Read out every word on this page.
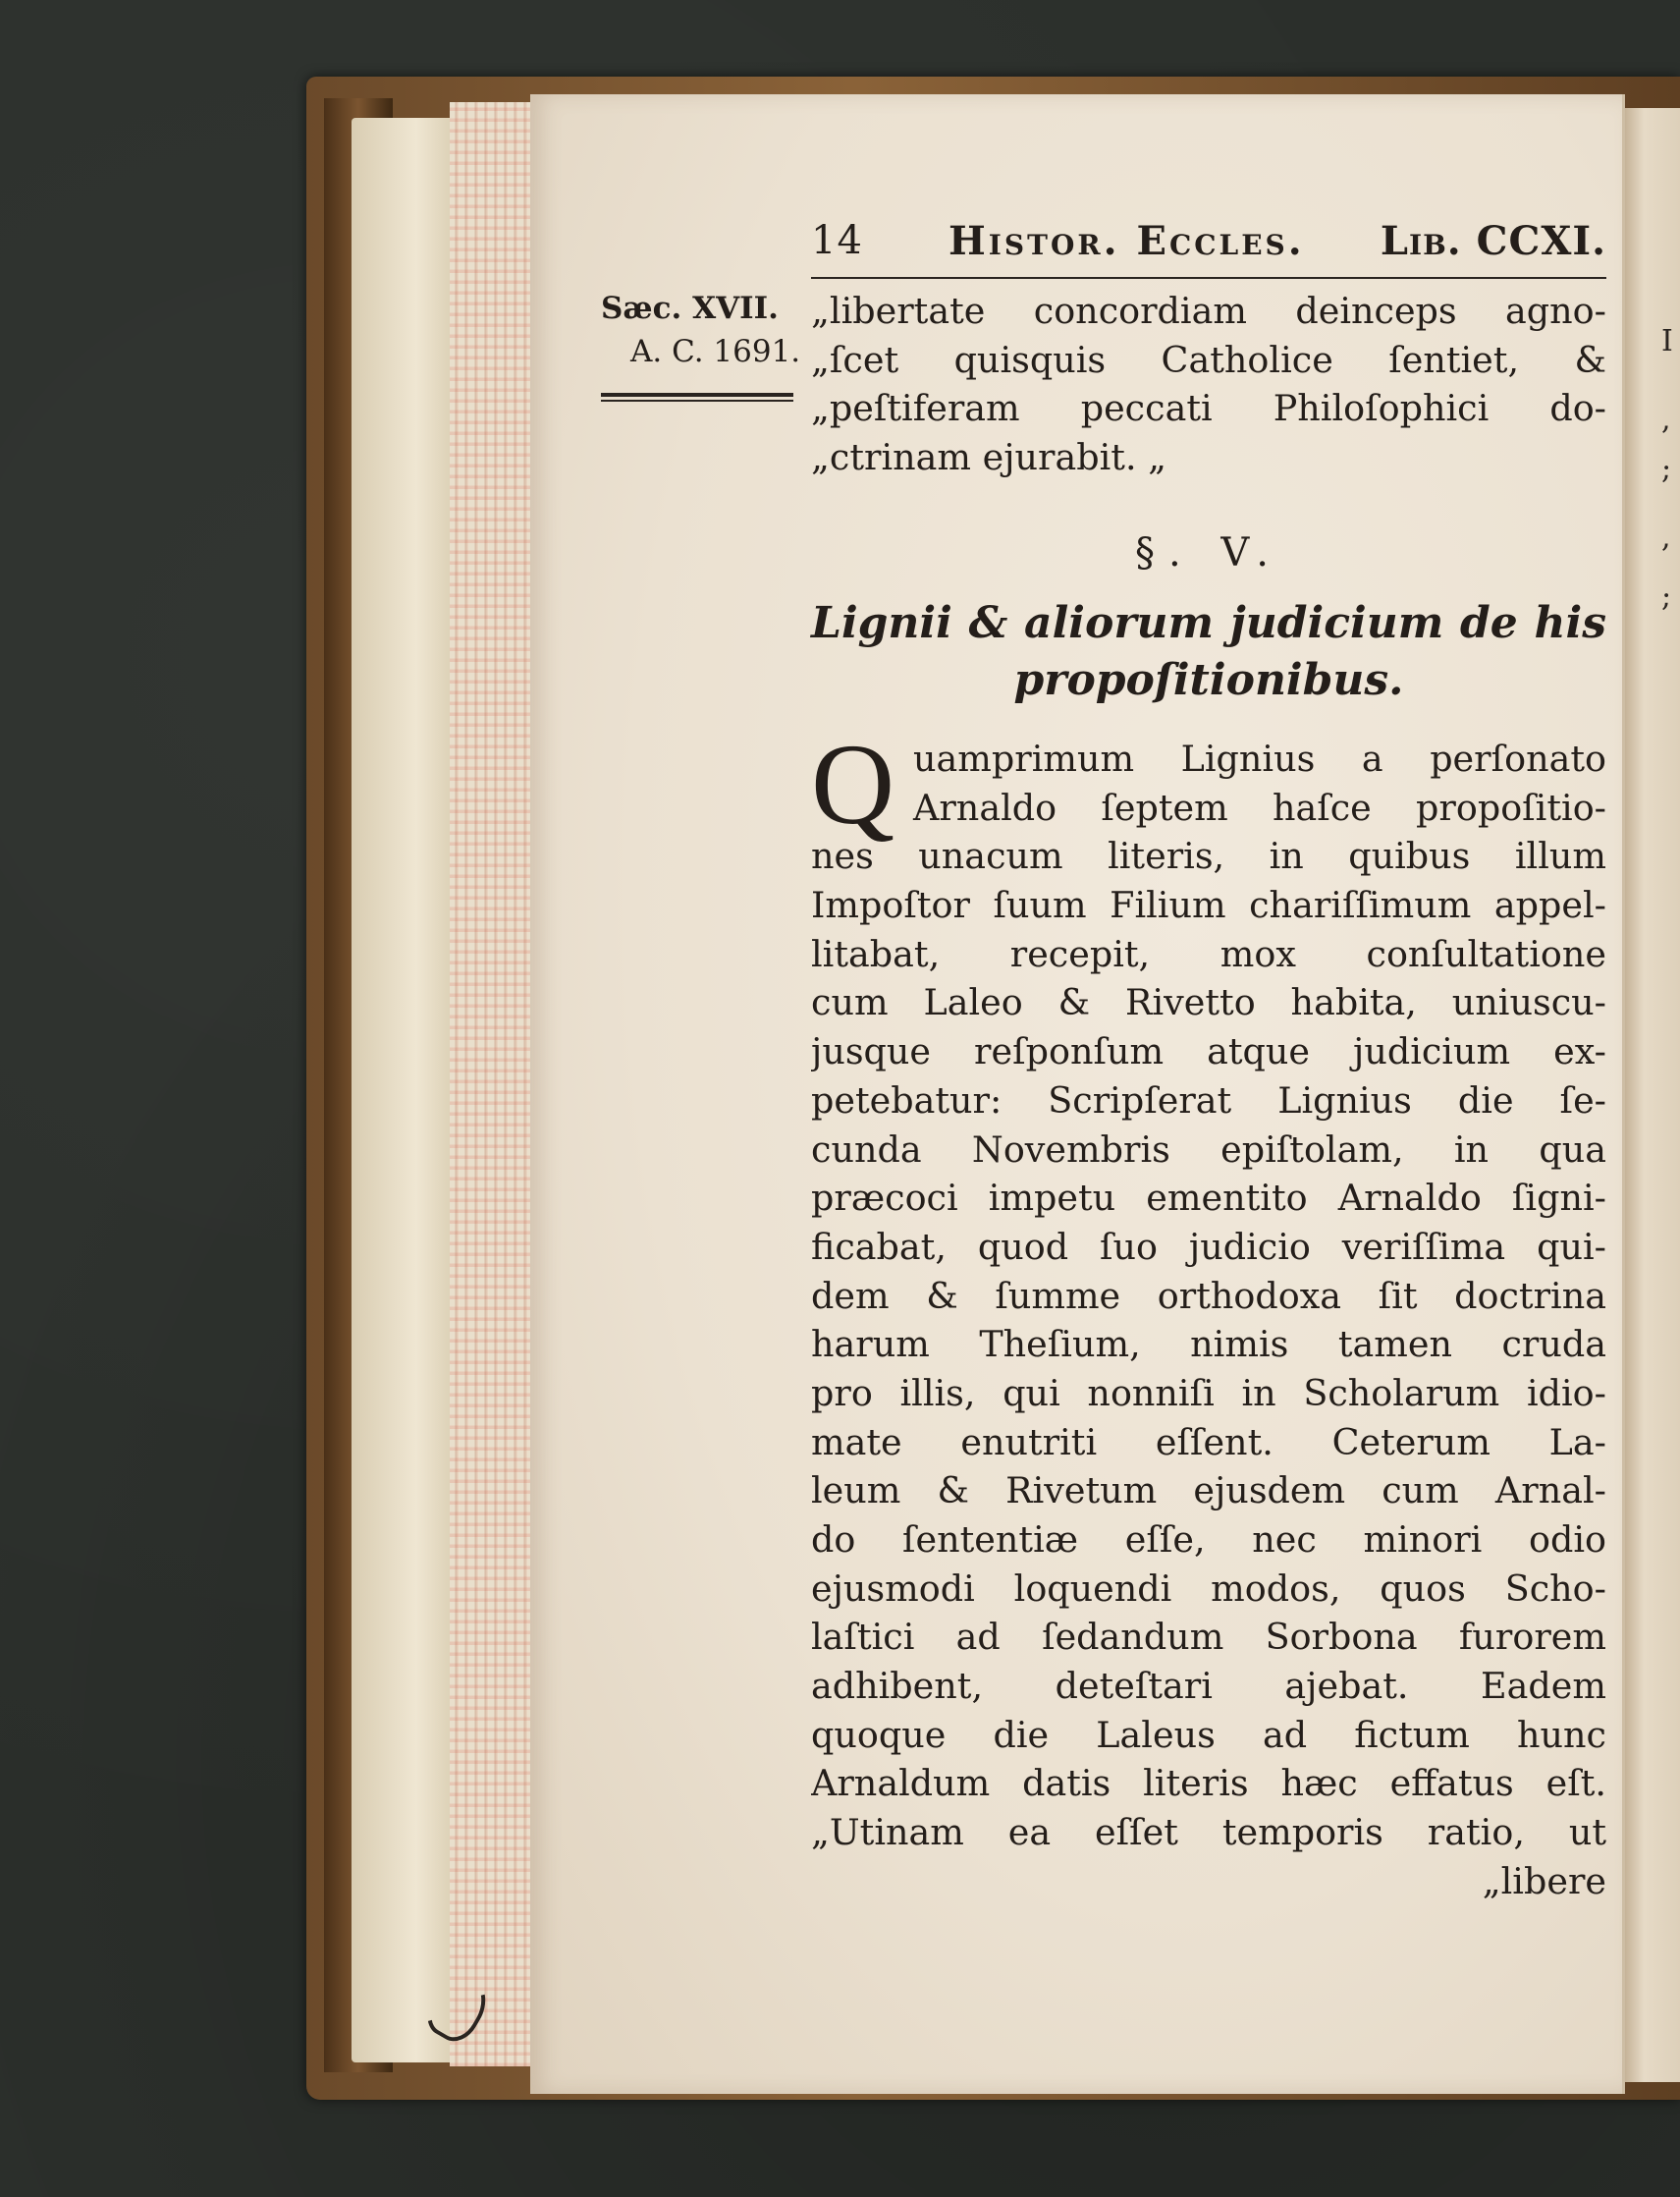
I
,
;
,
;
14 Histor. Eccles. Lib. CCXI.
Sæc. XVII.
A. C. 1691.
„libertate concordiam deinceps agno-
„ſcet quisquis Catholice ſentiet, &
„peſtiferam peccati Philoſophici do-
„ctrinam ejurabit. „
§. V.
Lignii & aliorum judicium de his
propoſitionibus.
Q uamprimum Lignius a perſonato
Arnaldo ſeptem haſce propoſitio-
nes unacum literis, in quibus illum
Impoſtor ſuum Filium chariſſimum appel-
litabat, recepit, mox conſultatione
cum Laleo & Rivetto habita, uniuscu-
jusque reſponſum atque judicium ex-
petebatur: Scripſerat Lignius die ſe-
cunda Novembris epiſtolam, in qua
præcoci impetu ementito Arnaldo ſigni-
ficabat, quod ſuo judicio veriſſima qui-
dem & ſumme orthodoxa ſit doctrina
harum Theſium, nimis tamen cruda
pro illis, qui nonniſi in Scholarum idio-
mate enutriti eſſent. Ceterum La-
leum & Rivetum ejusdem cum Arnal-
do ſententiæ eſſe, nec minori odio
ejusmodi loquendi modos, quos Scho-
laſtici ad ſedandum Sorbona furorem
adhibent, deteſtari ajebat. Eadem
quoque die Laleus ad fictum hunc
Arnaldum datis literis hæc effatus eſt.
„Utinam ea eſſet temporis ratio, ut
„libere
